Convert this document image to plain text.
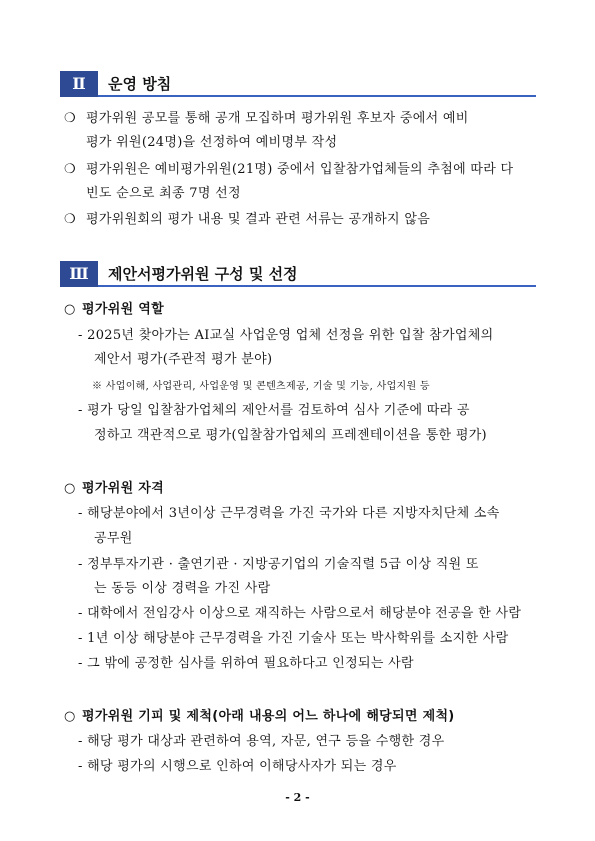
Ⅱ	운영 방침
❍ 평가위원 공모를 통해 공개 모집하며 평가위원 후보자 중에서 예비
평가 위원(24명)을 선정하여 예비명부 작성
❍ 평가위원은 예비평가위원(21명) 중에서 입찰참가업체들의 추첨에 따라 다
빈도 순으로 최종 7명 선정
❍ 평가위원회의 평가 내용 및 결과 관련 서류는 공개하지 않음
Ⅲ	제안서평가위원 구성 및 선정
○ 평가위원 역할
- 2025년 찾아가는 AI교실 사업운영 업체 선정을 위한 입찰 참가업체의
제안서 평가(주관적 평가 분야)
※ 사업이해, 사업관리, 사업운영 및 콘텐츠제공, 기술 및 기능, 사업지원 등
- 평가 당일 입찰참가업체의 제안서를 검토하여 심사 기준에 따라 공
정하고 객관적으로 평가(입찰참가업체의 프레젠테이션을 통한 평가)
○ 평가위원 자격
- 해당분야에서 3년이상 근무경력을 가진 국가와 다른 지방자치단체 소속
공무원
- 정부투자기관 · 출연기관 · 지방공기업의 기술직렬 5급 이상 직원 또
는 동등 이상 경력을 가진 사람
- 대학에서 전임강사 이상으로 재직하는 사람으로서 해당분야 전공을 한 사람
- 1년 이상 해당분야 근무경력을 가진 기술사 또는 박사학위를 소지한 사람
- 그 밖에 공정한 심사를 위하여 필요하다고 인정되는 사람
○ 평가위원 기피 및 제척(아래 내용의 어느 하나에 해당되면 제척)
- 해당 평가 대상과 관련하여 용역, 자문, 연구 등을 수행한 경우
- 해당 평가의 시행으로 인하여 이해당사자가 되는 경우
- 2 -
